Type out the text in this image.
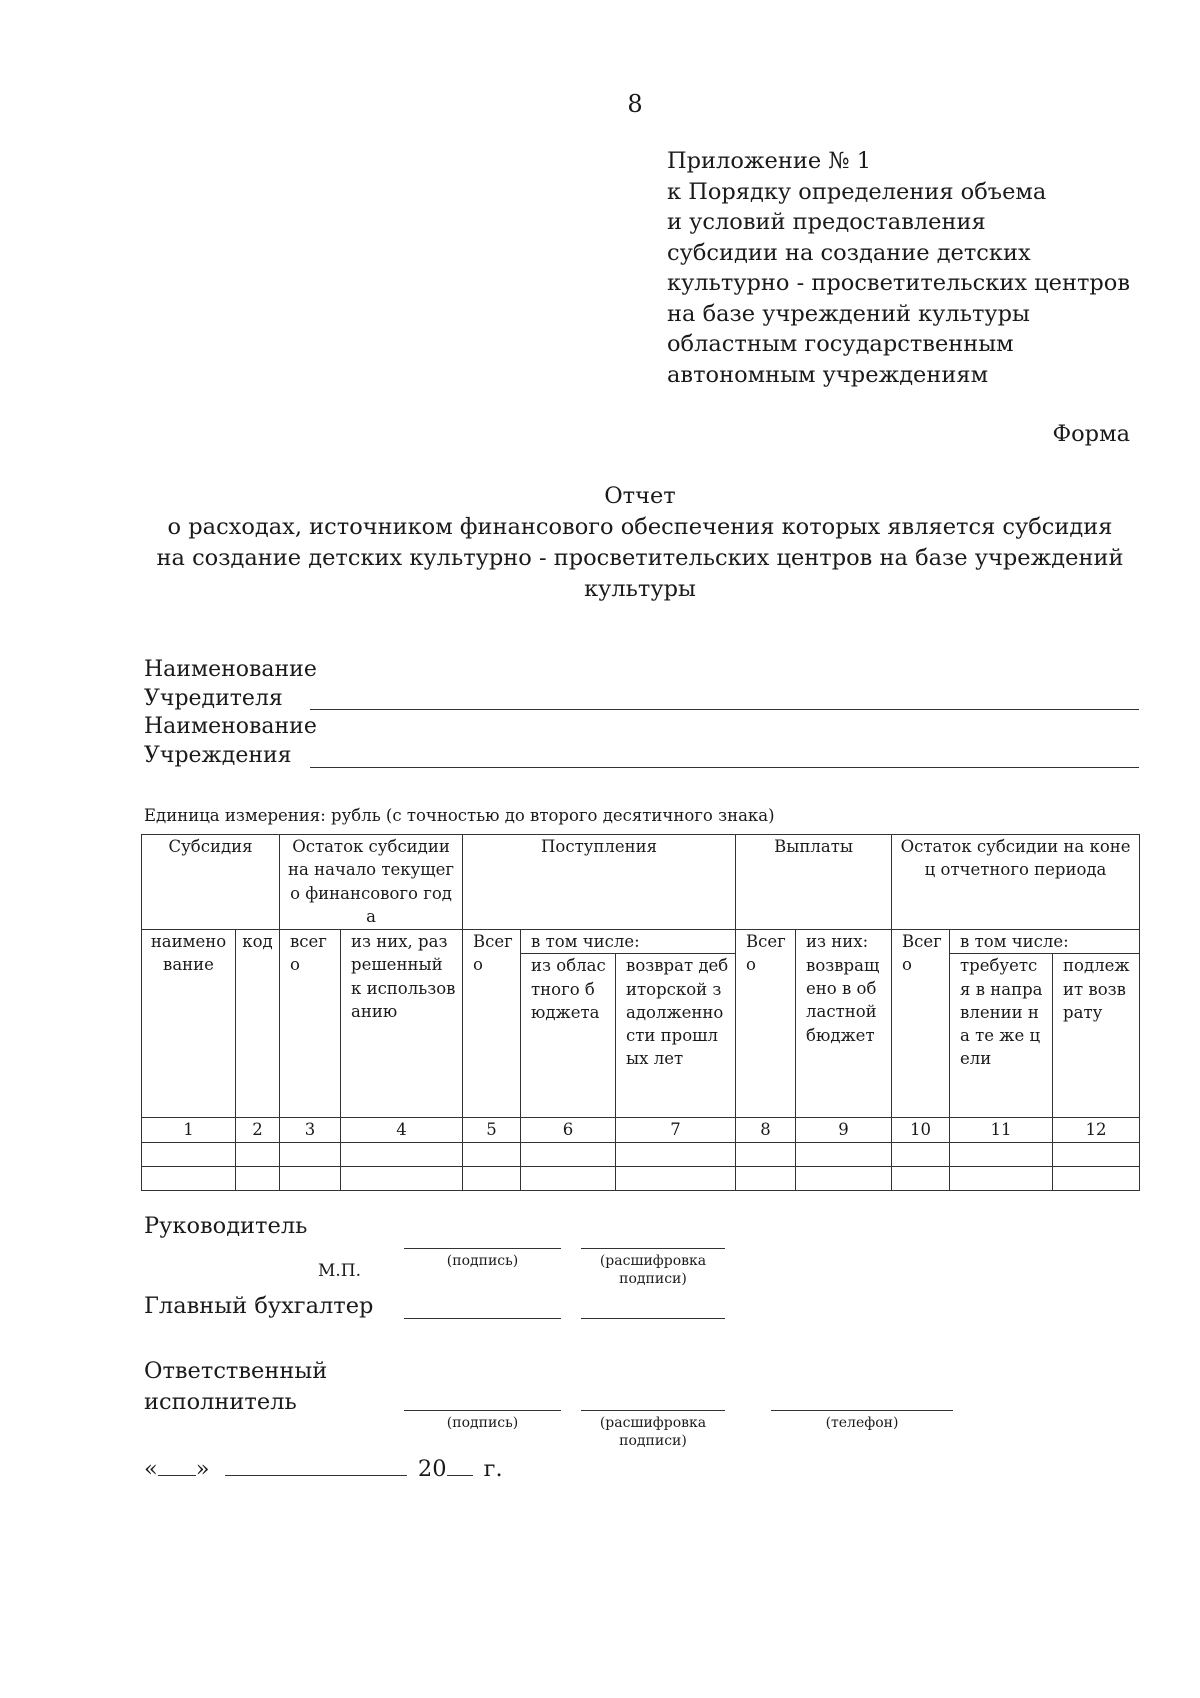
8
Приложение № 1
к Порядку определения объема
и условий предоставления
субсидии на создание детских
культурно - просветительских центров
на базе учреждений культуры
областным государственным
автономным учреждениям
Форма
Отчет
о расходах, источником финансового обеспечения которых является субсидия
на создание детских культурно - просветительских центров на базе учреждений
культуры
Наименование
Учредителя
Наименование
Учреждения
Единица измерения: рубль (с точностью до второго десятичного знака)
Субсидия		Остаток субсидии на начало текущего финансового года		Поступления			Выплаты		Остаток субсидии на конец отчетного периода		
наименование	код	всего	из них, разрешенный к использованию	Всего	в том числе:		Всего	из них:	Всего	в том числе:	
					из областного бюджета	возврат дебиторской задолженности прошлых лет		возвращено в областной бюджет		требуется в направлении на те же цели	подлежит возврату
1	2	3	4	5	6	7	8	9	10	11	12

Руководитель
(подпись)	(расшифровка
подписи)
М.П.
Главный бухгалтер
Ответственный
исполнитель
(подпись)	(расшифровка
подписи)
(телефон)
« »	20 г.
